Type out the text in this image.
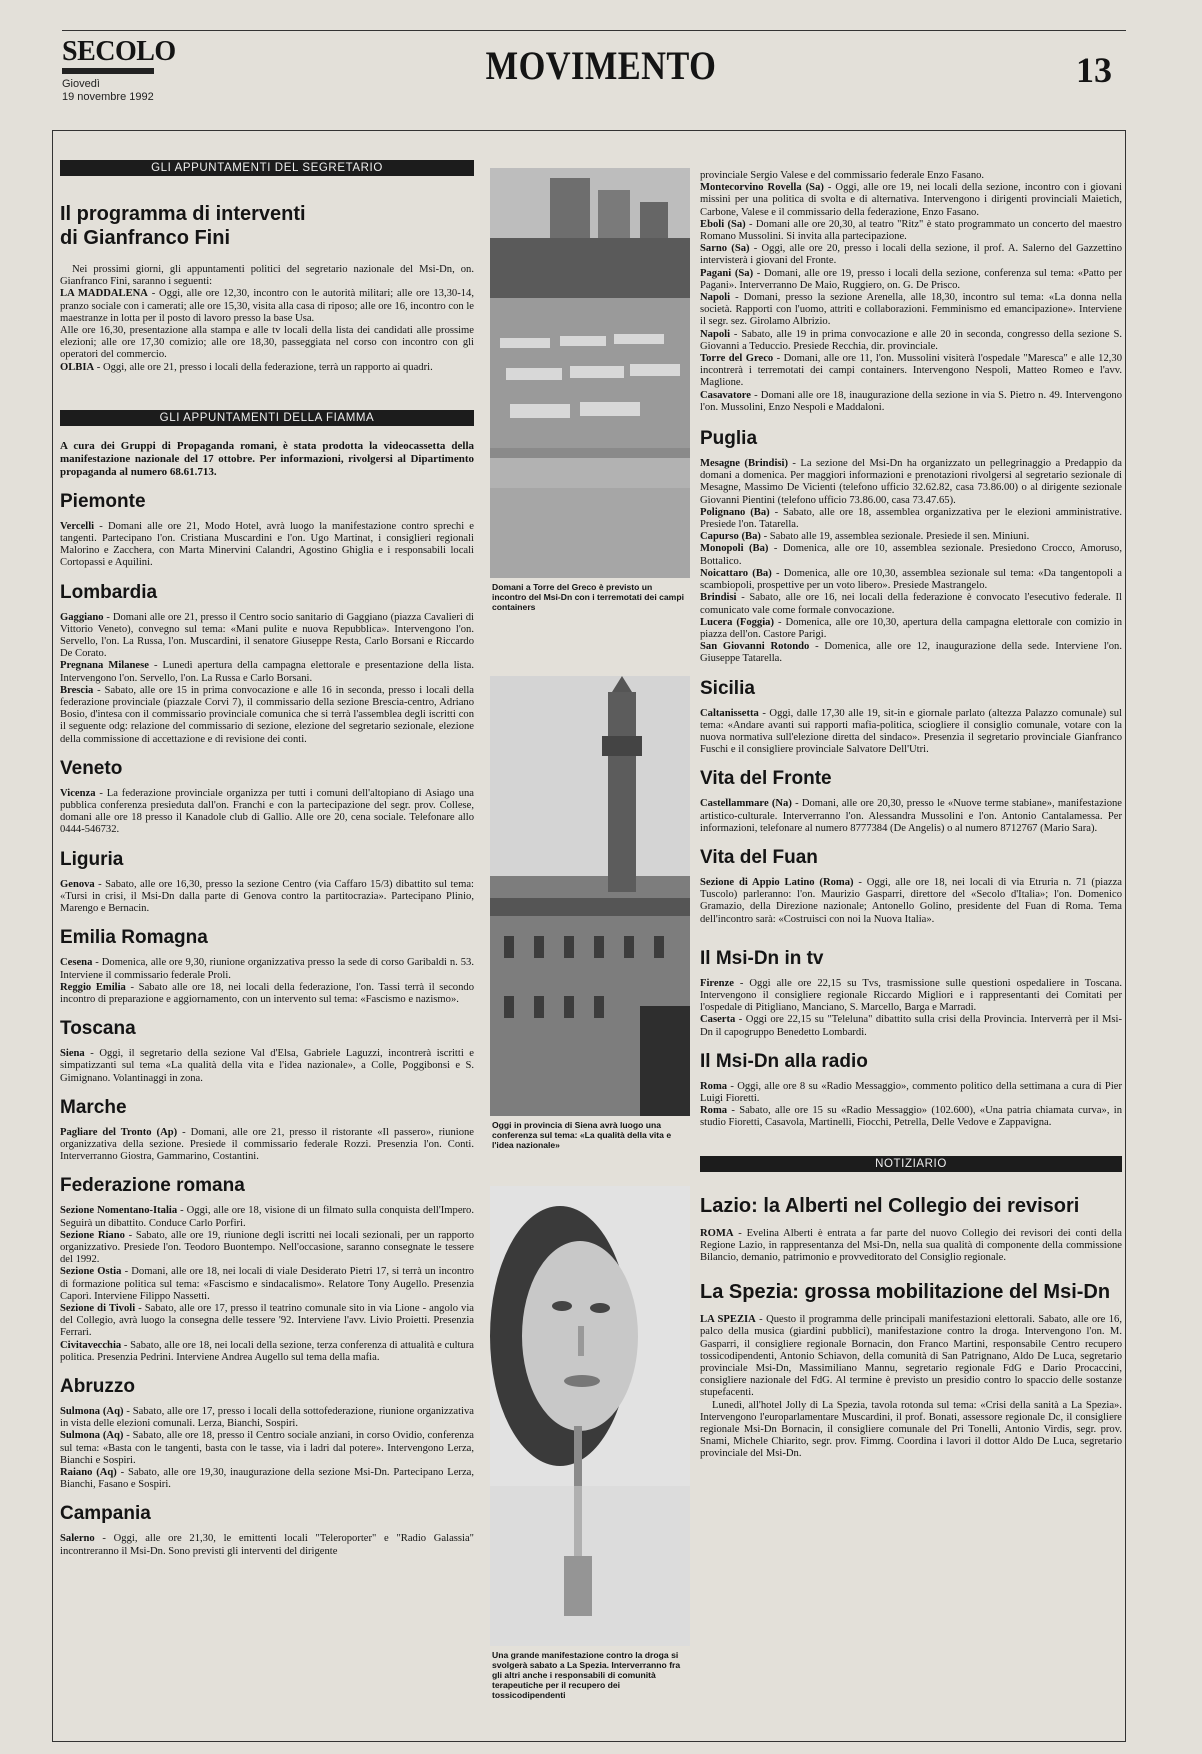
SECOLO
Giovedì
19 novembre 1992
MOVIMENTO	13
GLI APPUNTAMENTI DEL SEGRETARIO
Il programma di interventi
di Gianfranco Fini

Nei prossimi giorni, gli appuntamenti politici del segretario nazionale del Msi-Dn, on. Gianfranco Fini, saranno i seguenti:

LA MADDALENA - Oggi, alle ore 12,30, incontro con le autorità militari; alle ore 13,30-14, pranzo sociale con i camerati; alle ore 15,30, visita alla casa di riposo; alle ore 16, incontro con le maestranze in lotta per il posto di lavoro presso la base Usa.

Alle ore 16,30, presentazione alla stampa e alle tv locali della lista dei candidati alle prossime elezioni; alle ore 17,30 comizio; alle ore 18,30, passeggiata nel corso con incontro con gli operatori del commercio.

OLBIA - Oggi, alle ore 21, presso i locali della federazione, terrà un rapporto ai quadri.

GLI APPUNTAMENTI DELLA FIAMMA

A cura dei Gruppi di Propaganda romani, è stata prodotta la videocassetta della manifestazione nazionale del 17 ottobre. Per informazioni, rivolgersi al Dipartimento propaganda al numero 68.61.713.

Piemonte

Vercelli - Domani alle ore 21, Modo Hotel, avrà luogo la manifestazione contro sprechi e tangenti. Partecipano l'on. Cristiana Muscardini e l'on. Ugo Martinat, i consiglieri regionali Malorino e Zacchera, con Marta Minervini Calandri, Agostino Ghiglia e i responsabili locali Cortopassi e Aquilini.

Lombardia

Gaggiano - Domani alle ore 21, presso il Centro socio sanitario di Gaggiano (piazza Cavalieri di Vittorio Veneto), convegno sul tema: «Mani pulite e nuova Repubblica». Intervengono l'on. Servello, l'on. La Russa, l'on. Muscardini, il senatore Giuseppe Resta, Carlo Borsani e Riccardo De Corato.

Pregnana Milanese - Lunedì apertura della campagna elettorale e presentazione della lista. Intervengono l'on. Servello, l'on. La Russa e Carlo Borsani.

Brescia - Sabato, alle ore 15 in prima convocazione e alle 16 in seconda, presso i locali della federazione provinciale (piazzale Corvi 7), il commissario della sezione Brescia-centro, Adriano Bosio, d'intesa con il commissario provinciale comunica che si terrà l'assemblea degli iscritti con il seguente odg: relazione del commissario di sezione, elezione del segretario sezionale, elezione della commissione di accettazione e di revisione dei conti.

Veneto

Vicenza - La federazione provinciale organizza per tutti i comuni dell'altopiano di Asiago una pubblica conferenza presieduta dall'on. Franchi e con la partecipazione del segr. prov. Collese, domani alle ore 18 presso il Kanadole club di Gallio. Alle ore 20, cena sociale. Telefonare allo 0444-546732.

Liguria

Genova - Sabato, alle ore 16,30, presso la sezione Centro (via Caffaro 15/3) dibattito sul tema: «Tursi in crisi, il Msi-Dn dalla parte di Genova contro la partitocrazia». Partecipano Plinio, Marengo e Bernacin.

Emilia Romagna

Cesena - Domenica, alle ore 9,30, riunione organizzativa presso la sede di corso Garibaldi n. 53. Interviene il commissario federale Proli.

Reggio Emilia - Sabato alle ore 18, nei locali della federazione, l'on. Tassi terrà il secondo incontro di preparazione e aggiornamento, con un intervento sul tema: «Fascismo e nazismo».

Toscana

Siena - Oggi, il segretario della sezione Val d'Elsa, Gabriele Laguzzi, incontrerà iscritti e simpatizzanti sul tema «La qualità della vita e l'idea nazionale», a Colle, Poggibonsi e S. Gimignano. Volantinaggi in zona.

Marche

Pagliare del Tronto (Ap) - Domani, alle ore 21, presso il ristorante «Il passero», riunione organizzativa della sezione. Presiede il commissario federale Rozzi. Presenzia l'on. Conti. Interverranno Giostra, Gammarino, Costantini.

Federazione romana

Sezione Nomentano-Italia - Oggi, alle ore 18, visione di un filmato sulla conquista dell'Impero. Seguirà un dibattito. Conduce Carlo Porfiri.

Sezione Riano - Sabato, alle ore 19, riunione degli iscritti nei locali sezionali, per un rapporto organizzativo. Presiede l'on. Teodoro Buontempo. Nell'occasione, saranno consegnate le tessere del 1992.

Sezione Ostia - Domani, alle ore 18, nei locali di viale Desiderato Pietri 17, si terrà un incontro di formazione politica sul tema: «Fascismo e sindacalismo». Relatore Tony Augello. Presenzia Caporì. Interviene Filippo Nassetti.

Sezione di Tivoli - Sabato, alle ore 17, presso il teatrino comunale sito in via Lione - angolo via del Collegio, avrà luogo la consegna delle tessere '92. Interviene l'avv. Livio Proietti. Presenzia Ferrari.

Civitavecchia - Sabato, alle ore 18, nei locali della sezione, terza conferenza di attualità e cultura politica. Presenzia Pedrini. Interviene Andrea Augello sul tema della mafia.

Abruzzo

Sulmona (Aq) - Sabato, alle ore 17, presso i locali della sottofederazione, riunione organizzativa in vista delle elezioni comunali. Lerza, Bianchi, Sospiri.

Sulmona (Aq) - Sabato, alle ore 18, presso il Centro sociale anziani, in corso Ovidio, conferenza sul tema: «Basta con le tangenti, basta con le tasse, via i ladri dal potere». Intervengono Lerza, Bianchi e Sospiri.

Raiano (Aq) - Sabato, alle ore 19,30, inaugurazione della sezione Msi-Dn. Partecipano Lerza, Bianchi, Fasano e Sospiri.

Campania

Salerno - Oggi, alle ore 21,30, le emittenti locali "Teleroporter" e "Radio Galassia" incontreranno il Msi-Dn. Sono previsti gli interventi del dirigente

Domani a Torre del Greco è previsto un incontro del Msi-Dn con i terremotati dei campi containers
Oggi in provincia di Siena avrà luogo una conferenza sul tema: «La qualità della vita e l'idea nazionale»
Una grande manifestazione contro la droga si svolgerà sabato a La Spezia. Interverranno fra gli altri anche i responsabili di comunità terapeutiche per il recupero dei tossicodipendenti

provinciale Sergio Valese e del commissario federale Enzo Fasano.

Montecorvino Rovella (Sa) - Oggi, alle ore 19, nei locali della sezione, incontro con i giovani missini per una politica di svolta e di alternativa. Intervengono i dirigenti provinciali Maietich, Carbone, Valese e il commissario della federazione, Enzo Fasano.

Eboli (Sa) - Domani alle ore 20,30, al teatro "Ritz" è stato programmato un concerto del maestro Romano Mussolini. Si invita alla partecipazione.

Sarno (Sa) - Oggi, alle ore 20, presso i locali della sezione, il prof. A. Salerno del Gazzettino intervisterà i giovani del Fronte.

Pagani (Sa) - Domani, alle ore 19, presso i locali della sezione, conferenza sul tema: «Patto per Pagani». Interverranno De Maio, Ruggiero, on. G. De Prisco.

Napoli - Domani, presso la sezione Arenella, alle 18,30, incontro sul tema: «La donna nella società. Rapporti con l'uomo, attriti e collaborazioni. Femminismo ed emancipazione». Interviene il segr. sez. Girolamo Albrizio.

Napoli - Sabato, alle 19 in prima convocazione e alle 20 in seconda, congresso della sezione S. Giovanni a Teduccio. Presiede Recchia, dir. provinciale.

Torre del Greco - Domani, alle ore 11, l'on. Mussolini visiterà l'ospedale "Maresca" e alle 12,30 incontrerà i terremotati dei campi containers. Intervengono Nespoli, Matteo Romeo e l'avv. Maglione.

Casavatore - Domani alle ore 18, inaugurazione della sezione in via S. Pietro n. 49. Intervengono l'on. Mussolini, Enzo Nespoli e Maddaloni.

Puglia

Mesagne (Brindisi) - La sezione del Msi-Dn ha organizzato un pellegrinaggio a Predappio da domani a domenica. Per maggiori informazioni e prenotazioni rivolgersi al segretario sezionale di Mesagne, Massimo De Vicienti (telefono ufficio 32.62.82, casa 73.86.00) o al dirigente sezionale Giovanni Pientini (telefono ufficio 73.86.00, casa 73.47.65).

Polignano (Ba) - Sabato, alle ore 18, assemblea organizzativa per le elezioni amministrative. Presiede l'on. Tatarella.

Capurso (Ba) - Sabato alle 19, assemblea sezionale. Presiede il sen. Miniuni.

Monopoli (Ba) - Domenica, alle ore 10, assemblea sezionale. Presiedono Crocco, Amoruso, Bottalico.

Noicattaro (Ba) - Domenica, alle ore 10,30, assemblea sezionale sul tema: «Da tangentopoli a scambiopoli, prospettive per un voto libero». Presiede Mastrangelo.

Brindisi - Sabato, alle ore 16, nei locali della federazione è convocato l'esecutivo federale. Il comunicato vale come formale convocazione.

Lucera (Foggia) - Domenica, alle ore 10,30, apertura della campagna elettorale con comizio in piazza dell'on. Castore Parigi.

San Giovanni Rotondo - Domenica, alle ore 12, inaugurazione della sede. Interviene l'on. Giuseppe Tatarella.

Sicilia

Caltanissetta - Oggi, dalle 17,30 alle 19, sit-in e giornale parlato (altezza Palazzo comunale) sul tema: «Andare avanti sui rapporti mafia-politica, sciogliere il consiglio comunale, votare con la nuova normativa sull'elezione diretta del sindaco». Presenzia il segretario provinciale Gianfranco Fuschi e il consigliere provinciale Salvatore Dell'Utri.

Vita del Fronte

Castellammare (Na) - Domani, alle ore 20,30, presso le «Nuove terme stabiane», manifestazione artistico-culturale. Interverranno l'on. Alessandra Mussolini e l'on. Antonio Cantalamessa. Per informazioni, telefonare al numero 8777384 (De Angelis) o al numero 8712767 (Mario Sara).

Vita del Fuan

Sezione di Appio Latino (Roma) - Oggi, alle ore 18, nei locali di via Etruria n. 71 (piazza Tuscolo) parleranno: l'on. Maurizio Gasparri, direttore del «Secolo d'Italia»; l'on. Domenico Gramazio, della Direzione nazionale; Antonello Golino, presidente del Fuan di Roma. Tema dell'incontro sarà: «Costruisci con noi la Nuova Italia».

Il Msi-Dn in tv

Firenze - Oggi alle ore 22,15 su Tvs, trasmissione sulle questioni ospedaliere in Toscana. Intervengono il consigliere regionale Riccardo Migliori e i rappresentanti dei Comitati per l'ospedale di Pitigliano, Manciano, S. Marcello, Barga e Marradi.

Caserta - Oggi ore 22,15 su "Teleluna" dibattito sulla crisi della Provincia. Interverrà per il Msi-Dn il capogruppo Benedetto Lombardi.

Il Msi-Dn alla radio

Roma - Oggi, alle ore 8 su «Radio Messaggio», commento politico della settimana a cura di Pier Luigi Fioretti.

Roma - Sabato, alle ore 15 su «Radio Messaggio» (102.600), «Una patria chiamata curva», in studio Fioretti, Casavola, Martinelli, Fiocchi, Petrella, Delle Vedove e Zappavigna.

NOTIZIARIO
Lazio: la Alberti nel Collegio dei revisori

ROMA - Evelina Alberti è entrata a far parte del nuovo Collegio dei revisori dei conti della Regione Lazio, in rappresentanza del Msi-Dn, nella sua qualità di componente della commissione Bilancio, demanio, patrimonio e provveditorato del Consiglio regionale.

La Spezia: grossa mobilitazione del Msi-Dn

LA SPEZIA - Questo il programma delle principali manifestazioni elettorali. Sabato, alle ore 16, palco della musica (giardini pubblici), manifestazione contro la droga. Intervengono l'on. M. Gasparri, il consigliere regionale Bornacin, don Franco Martini, responsabile Centro recupero tossicodipendenti, Antonio Schiavon, della comunità di San Patrignano, Aldo De Luca, segretario provinciale Msi-Dn, Massimiliano Mannu, segretario regionale FdG e Dario Procaccini, consigliere nazionale del FdG. Al termine è previsto un presidio contro lo spaccio delle sostanze stupefacenti.

Lunedì, all'hotel Jolly di La Spezia, tavola rotonda sul tema: «Crisi della sanità a La Spezia». Intervengono l'europarlamentare Muscardini, il prof. Bonati, assessore regionale Dc, il consigliere regionale Msi-Dn Bornacin, il consigliere comunale del Pri Tonelli, Antonio Virdis, segr. prov. Snami, Michele Chiarito, segr. prov. Fimmg. Coordina i lavori il dottor Aldo De Luca, segretario provinciale del Msi-Dn.
